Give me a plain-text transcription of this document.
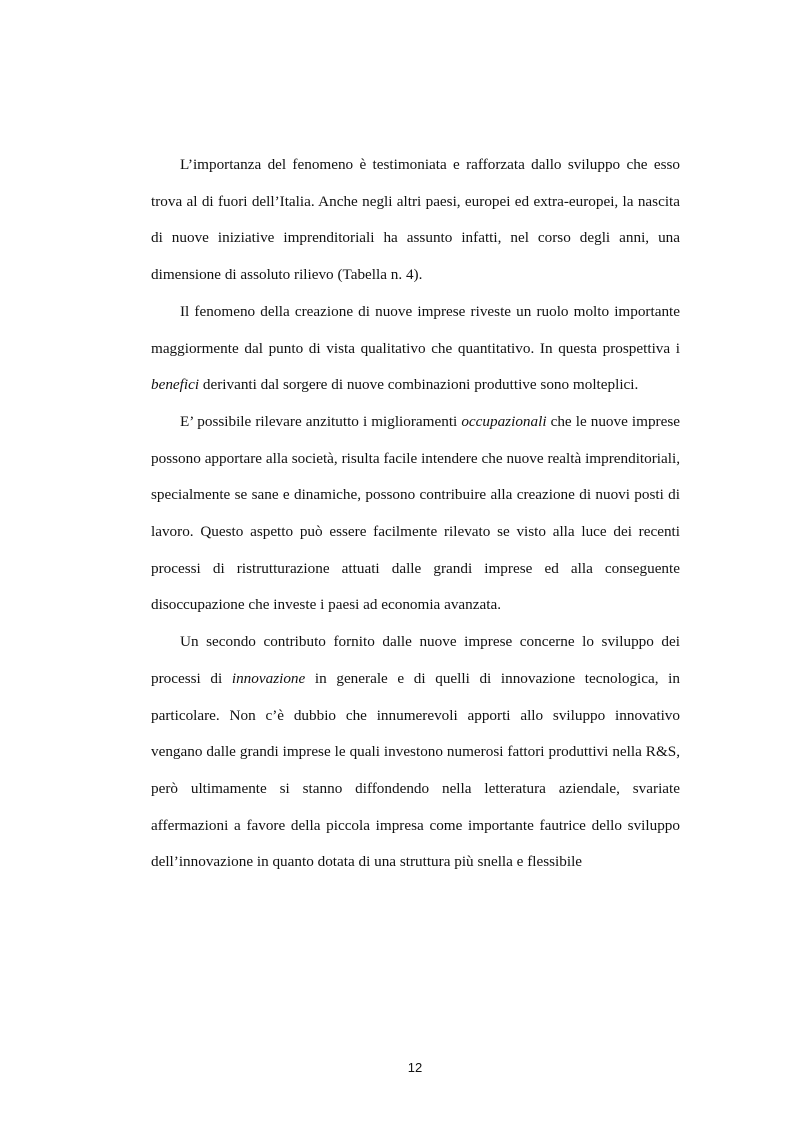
L’importanza del fenomeno è testimoniata e rafforzata dallo sviluppo che esso trova al di fuori dell’Italia. Anche negli altri paesi, europei ed extra-europei, la nascita di nuove iniziative imprenditoriali ha assunto infatti, nel corso degli anni, una dimensione di assoluto rilievo (Tabella n. 4).

Il fenomeno della creazione di nuove imprese riveste un ruolo molto importante maggiormente dal punto di vista qualitativo che quantitativo. In questa prospettiva i benefici derivanti dal sorgere di nuove combinazioni produttive sono molteplici.

E’ possibile rilevare anzitutto i miglioramenti occupazionali che le nuove imprese possono apportare alla società, risulta facile intendere che nuove realtà imprenditoriali, specialmente se sane e dinamiche, possono contribuire alla creazione di nuovi posti di lavoro. Questo aspetto può essere facilmente rilevato se visto alla luce dei recenti processi di ristrutturazione attuati dalle grandi imprese ed alla conseguente disoccupazione che investe i paesi ad economia avanzata.

Un secondo contributo fornito dalle nuove imprese concerne lo sviluppo dei processi di innovazione in generale e di quelli di innovazione tecnologica, in particolare. Non c’è dubbio che innumerevoli apporti allo sviluppo innovativo vengano dalle grandi imprese le quali investono numerosi fattori produttivi nella R&S, però ultimamente si stanno diffondendo nella letteratura aziendale, svariate affermazioni a favore della piccola impresa come importante fautrice dello sviluppo dell’innovazione in quanto dotata di una struttura più snella e flessibile

12
